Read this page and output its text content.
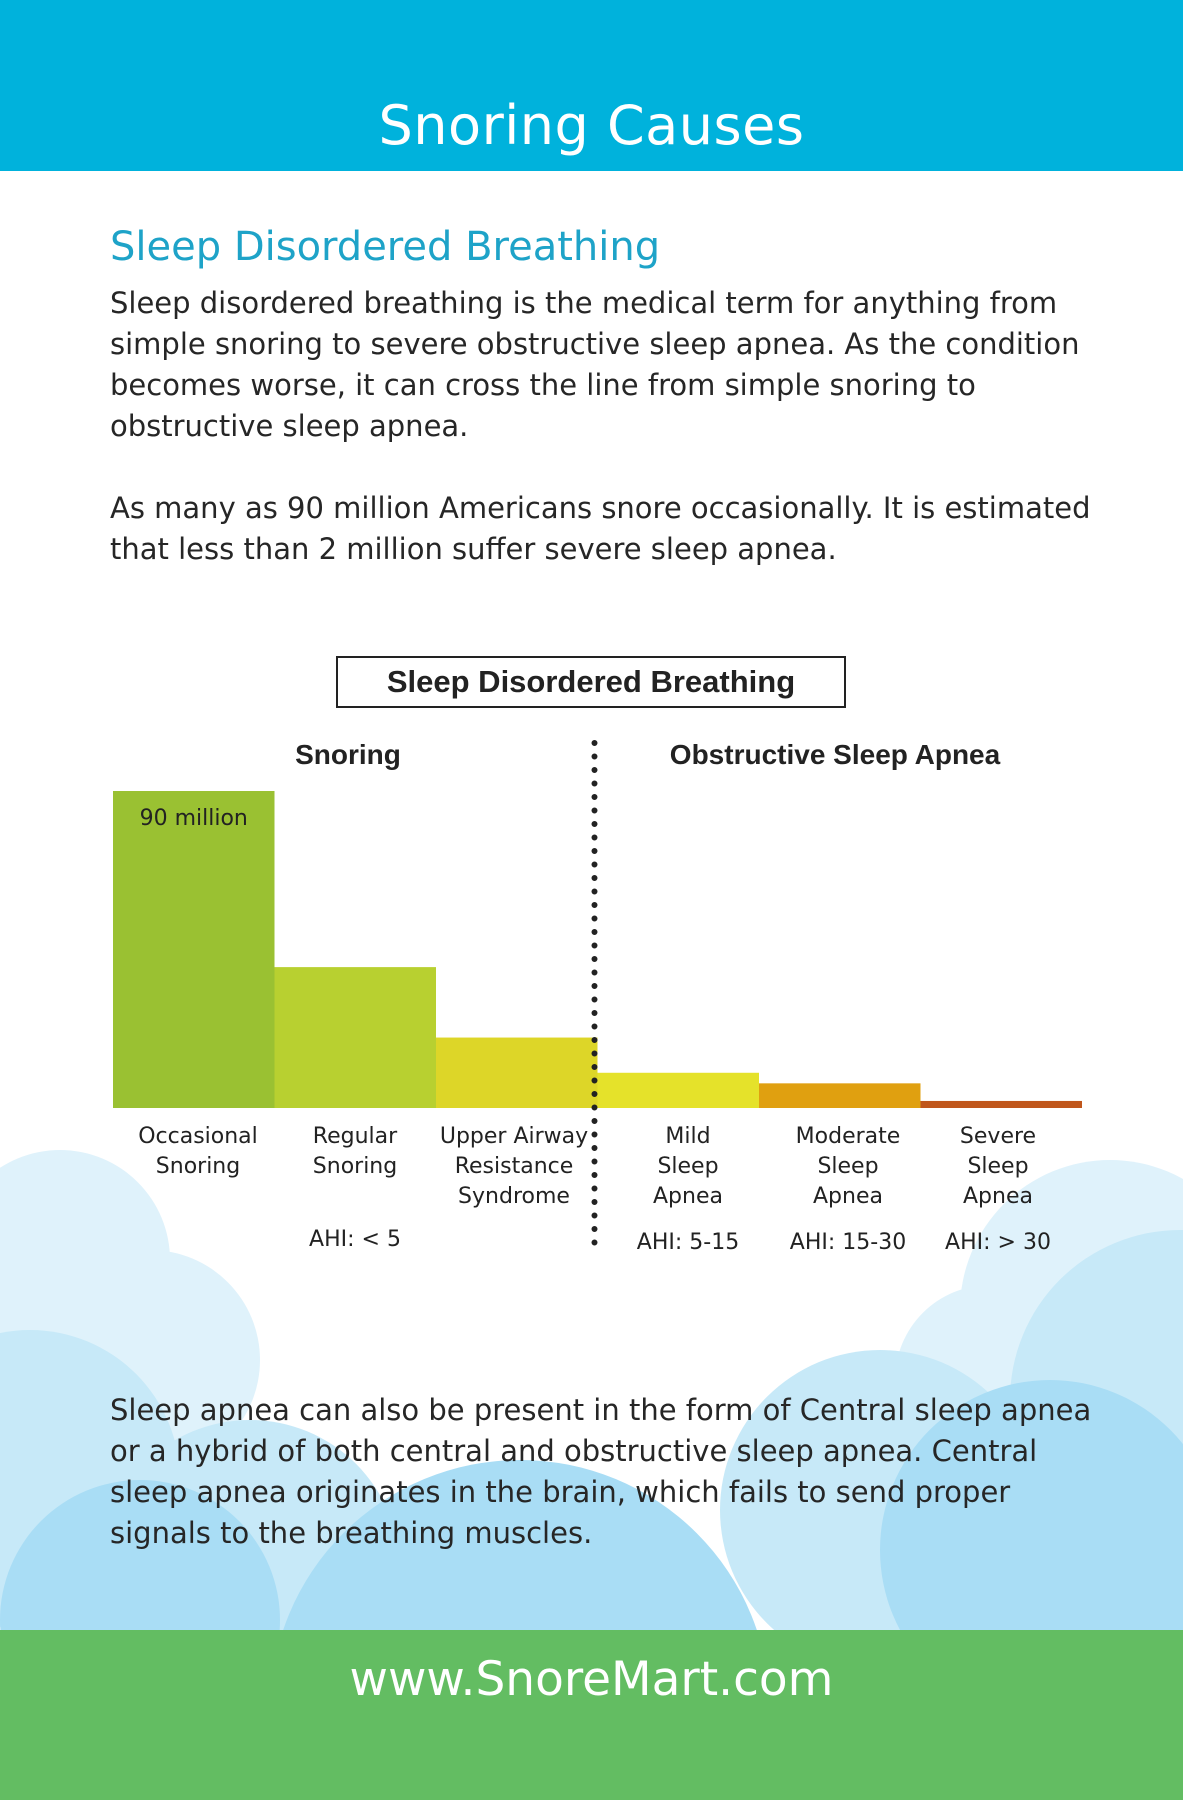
Snoring Causes
Sleep Disordered Breathing
Sleep disordered breathing is the medical term for anything from simple snoring to severe obstructive sleep apnea. As the condition becomes worse, it can cross the line from simple snoring to obstructive sleep apnea.
As many as 90 million Americans snore occasionally. It is estimated that less than 2 million suffer severe sleep apnea.
90 million
Occasional
Snoring
Regular
Snoring
Upper Airway
Resistance
Syndrome
Mild
Sleep
Apnea
Moderate
Sleep
Apnea
Severe
Sleep
Apnea
AHI: < 5	AHI: 5-15 AHI: 15-30 AHI: > 30
Sleep Disordered Breathing
Snoring	Obstructive Sleep Apnea
Sleep apnea can also be present in the form of Central sleep apnea or a hybrid of both central and obstructive sleep apnea. Central sleep apnea originates in the brain, which fails to send proper signals to the breathing muscles.
www.SnoreMart.com
